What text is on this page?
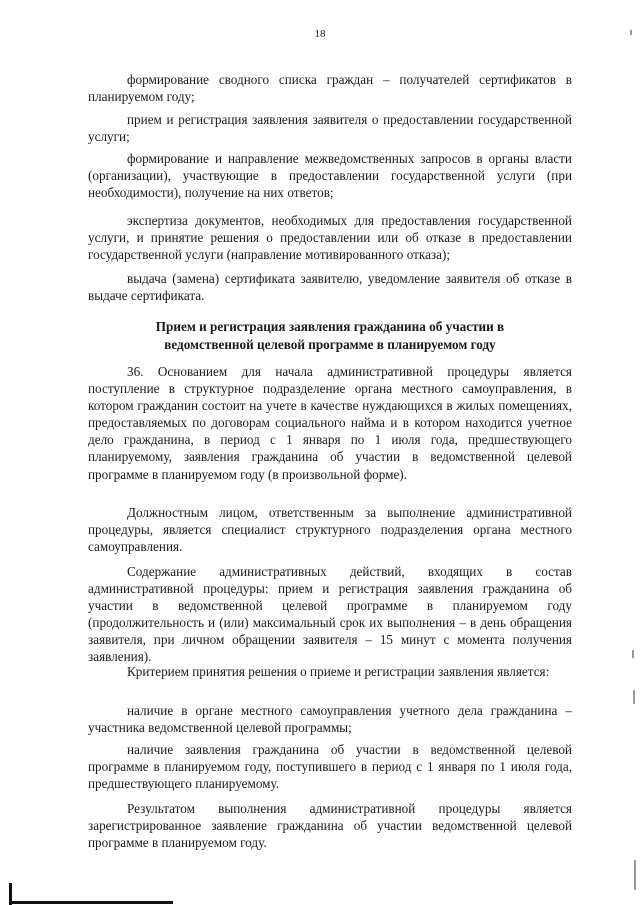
18
формирование сводного списка граждан – получателей сертификатов в планируемом году;
прием и регистрация заявления заявителя о предоставлении государственной услуги;
формирование и направление межведомственных запросов в органы власти (организации), участвующие в предоставлении государственной услуги (при необходимости), получение на них ответов;
экспертиза документов, необходимых для предоставления государственной услуги, и принятие решения о предоставлении или об отказе в предоставлении государственной услуги (направление мотивированного отказа);
выдача (замена) сертификата заявителю, уведомление заявителя об отказе в выдаче сертификата.
Прием и регистрация заявления гражданина об участии в
ведомственной целевой программе в планируемом году
36. Основанием для начала административной процедуры является поступление в структурное подразделение органа местного самоуправления, в котором гражданин состоит на учете в качестве нуждающихся в жилых помещениях, предоставляемых по договорам социального найма и в котором находится учетное дело гражданина, в период с 1 января по 1 июля года, предшествующего планируемому, заявления гражданина об участии в ведомственной целевой программе в планируемом году (в произвольной форме).
Должностным лицом, ответственным за выполнение административной процедуры, является специалист структурного подразделения органа местного самоуправления.
Содержание административных действий, входящих в состав административной процедуры: прием и регистрация заявления гражданина об участии в ведомственной целевой программе в планируемом году (продолжительность и (или) максимальный срок их выполнения – в день обращения заявителя, при личном обращении заявителя – 15 минут с момента получения заявления).
Критерием принятия решения о приеме и регистрации заявления является:
наличие в органе местного самоуправления учетного дела гражданина – участника ведомственной целевой программы;
наличие заявления гражданина об участии в ведомственной целевой программе в планируемом году, поступившего в период с 1 января по 1 июля года, предшествующего планируемому.
Результатом выполнения административной процедуры является зарегистрированное заявление гражданина об участии ведомственной целевой программе в планируемом году.
